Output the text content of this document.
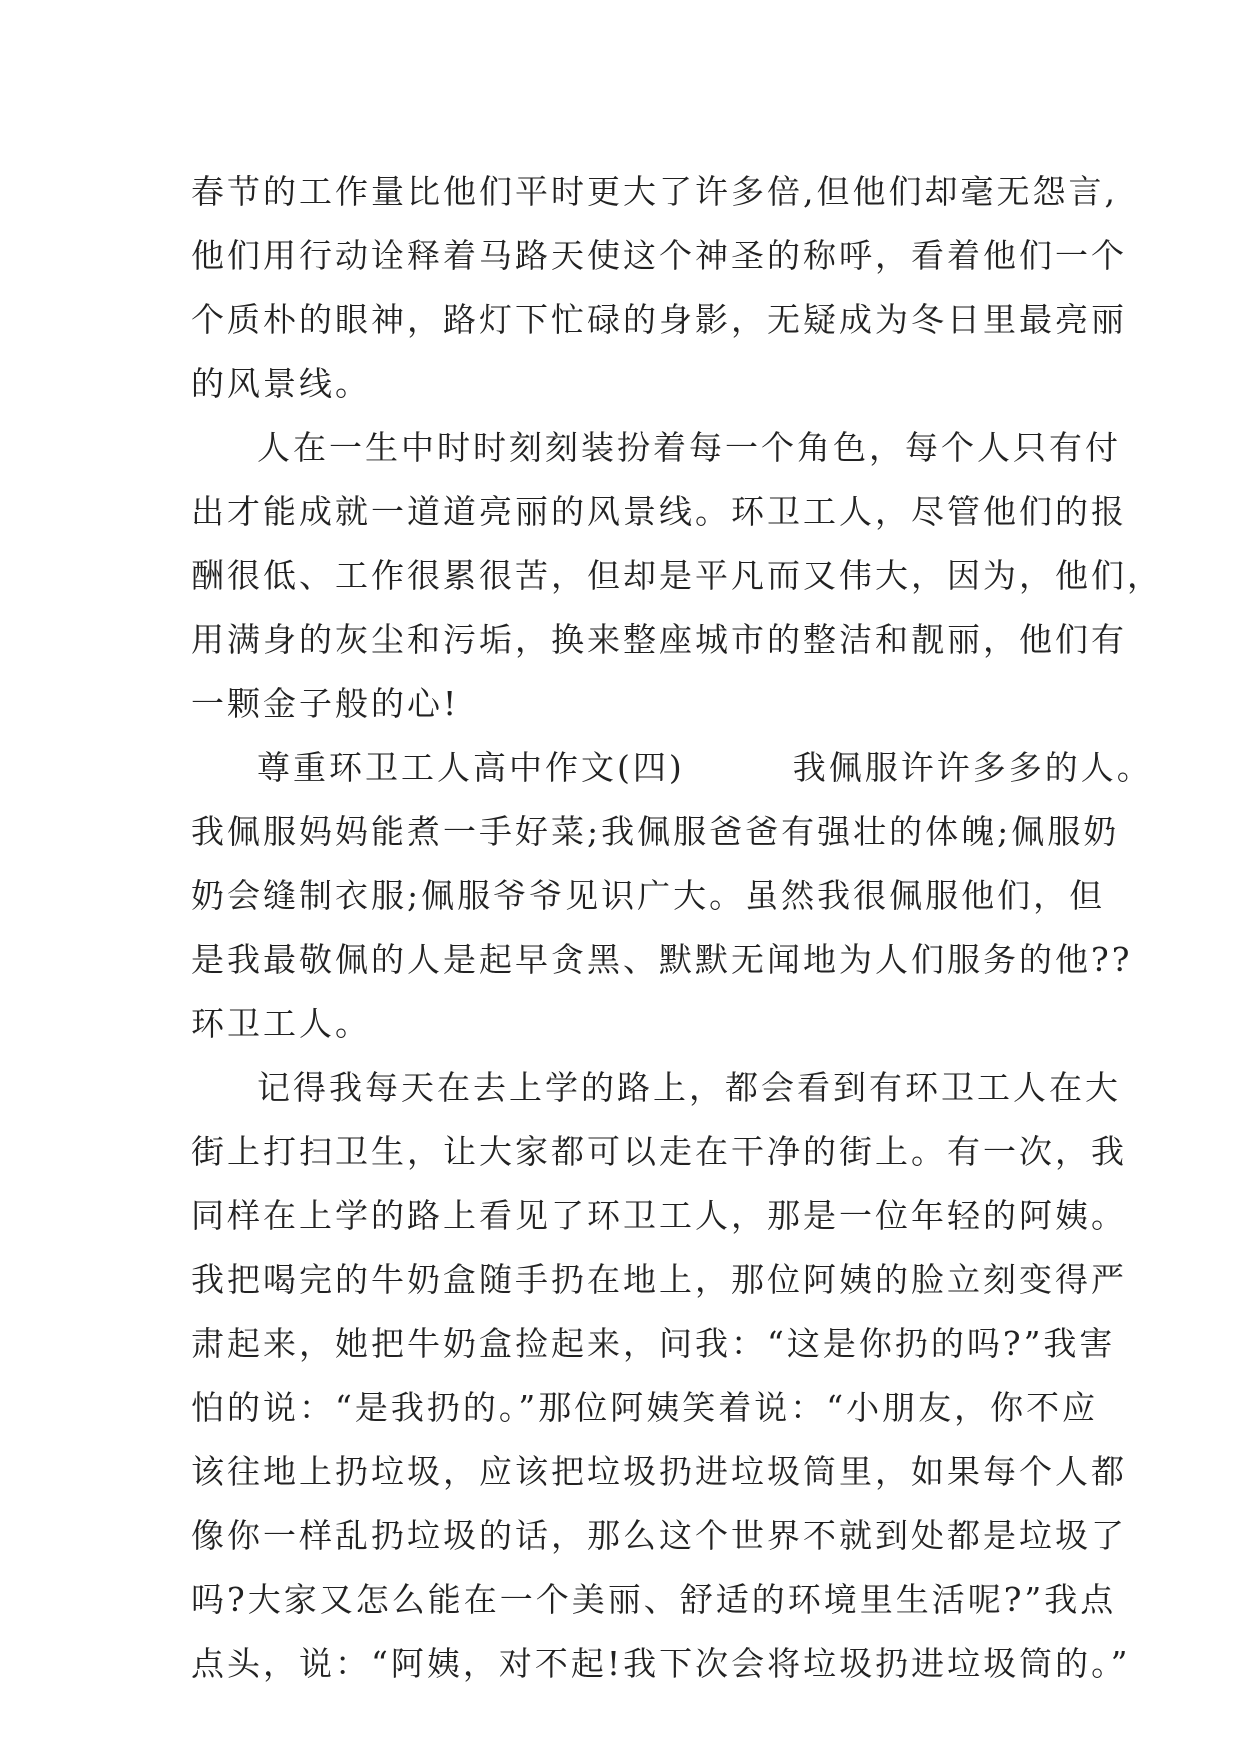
春节的工作量比他们平时更大了许多倍,但他们却毫无怨言,
他们用行动诠释着马路天使这个神圣的称呼，看着他们一个
个质朴的眼神，路灯下忙碌的身影，无疑成为冬日里最亮丽
的风景线。
人在一生中时时刻刻装扮着每一个角色，每个人只有付
出才能成就一道道亮丽的风景线。环卫工人，尽管他们的报
酬很低、工作很累很苦，但却是平凡而又伟大，因为，他们，
用满身的灰尘和污垢，换来整座城市的整洁和靓丽，他们有
一颗金子般的心!
尊重环卫工人高中作文(四)　　　我佩服许许多多的人。
我佩服妈妈能煮一手好菜;我佩服爸爸有强壮的体魄;佩服奶
奶会缝制衣服;佩服爷爷见识广大。虽然我很佩服他们，但
是我最敬佩的人是起早贪黑、默默无闻地为人们服务的他??
环卫工人。
记得我每天在去上学的路上，都会看到有环卫工人在大
街上打扫卫生，让大家都可以走在干净的街上。有一次，我
同样在上学的路上看见了环卫工人，那是一位年轻的阿姨。
我把喝完的牛奶盒随手扔在地上，那位阿姨的脸立刻变得严
肃起来，她把牛奶盒捡起来，问我：“这是你扔的吗?”我害
怕的说：“是我扔的。”那位阿姨笑着说：“小朋友，你不应
该往地上扔垃圾，应该把垃圾扔进垃圾筒里，如果每个人都
像你一样乱扔垃圾的话，那么这个世界不就到处都是垃圾了
吗?大家又怎么能在一个美丽、舒适的环境里生活呢?”我点
点头，说：“阿姨，对不起!我下次会将垃圾扔进垃圾筒的。”
